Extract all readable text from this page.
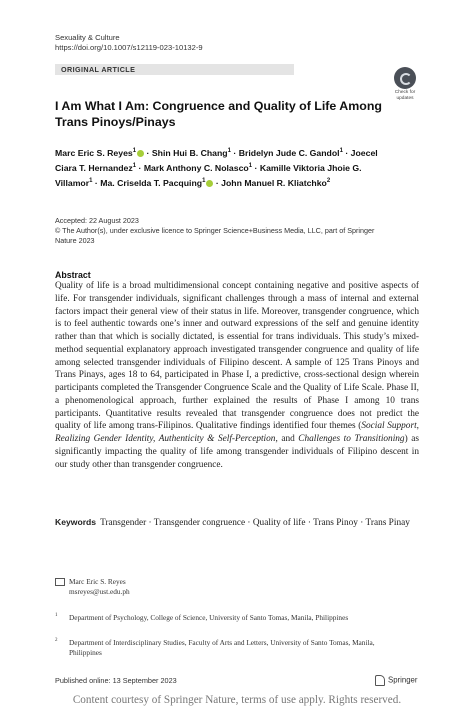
Sexuality & Culture
https://doi.org/10.1007/s12119-023-10132-9
ORIGINAL ARTICLE
Check for updates
I Am What I Am: Congruence and Quality of Life Among Trans Pinoys/Pinays
Marc Eric S. Reyes$^1$ · Shin Hui B. Chang$^1$ · Bridelyn Jude C. Gandol$^1$ · Joecel Ciara T. Hernandez$^1$ · Mark Anthony C. Nolasco$^1$ · Kamille Viktoria Jhoie G. Villamor$^1$ · Ma. Criselda T. Pacquing$^1$ · John Manuel R. Kliatchko$^2$
Accepted: 22 August 2023
© The Author(s), under exclusive licence to Springer Science+Business Media, LLC, part of Springer Nature 2023
Abstract
Quality of life is a broad multidimensional concept containing negative and positive aspects of life. For transgender individuals, significant challenges through a mass of internal and external factors impact their general view of their status in life. Moreover, transgender congruence, which is to feel authentic towards one’s inner and outward expressions of the self and genuine identity rather than that which is socially dictated, is essential for trans individuals. This study’s mixed-method sequential explanatory approach investigated transgender congruence and quality of life among selected transgender individuals of Filipino descent. A sample of 125 Trans Pinoys and Trans Pinays, ages 18 to 64, participated in Phase I, a predictive, cross-sectional design wherein participants completed the Transgender Congruence Scale and the Quality of Life Scale. Phase II, a phenomenological approach, further explained the results of Phase I among 10 trans participants. Quantitative results revealed that transgender congruence does not predict the quality of life among trans-Filipinos. Qualitative findings identified four themes (Social Support, Realizing Gender Identity, Authenticity & Self-Perception, and Challenges to Transitioning) as significantly impacting the quality of life among transgender individuals of Filipino descent in our study other than transgender congruence.
Keywords Transgender · Transgender congruence · Quality of life · Trans Pinoy · Trans Pinay
Marc Eric S. Reyes
msreyes@ust.edu.ph
1	Department of Psychology, College of Science, University of Santo Tomas, Manila, Philippines
2	Department of Interdisciplinary Studies, Faculty of Arts and Letters, University of Santo Tomas, Manila, Philippines
Published online: 13 September 2023	Springer
Content courtesy of Springer Nature, terms of use apply. Rights reserved.
